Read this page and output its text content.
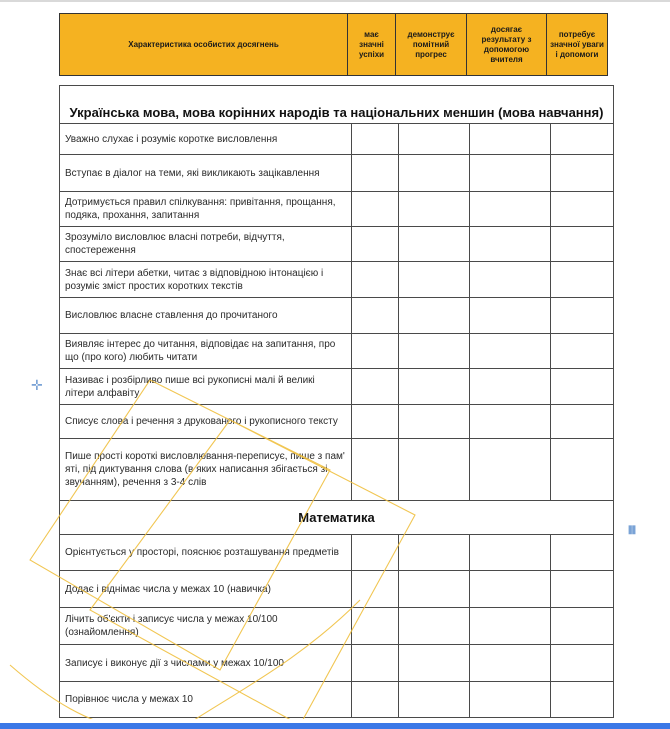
Характеристика особистих досягнень	має значні успіхи	демонструє помітний прогрес	досягає результату з допомогою вчителя	потребує значної уваги і допомоги
Українська мова, мова корінних народів та національних меншин (мова навчання)				
Уважно слухає і розуміє коротке висловлення				
Вступає в діалог на теми, які викликають зацікавлення				
Дотримується правил спілкування: привітання, прощання, подяка, прохання, запитання				
Зрозуміло висловлює власні потреби, відчуття, спостереження				
Знає всі літери абетки, читає з відповідною інтонацією і розуміє зміст простих коротких текстів				
Висловлює власне ставлення до прочитаного				
Виявляє інтерес до читання, відповідає на запитання, про що (про кого) любить читати				
Називає і розбірливо пише всі рукописні малі й великі літери алфавіту				
Списує слова і речення з друкованого і рукописного тексту				
Пише прості короткі висловлювання-переписує, пише з пам' яті, під диктування слова (в яких написання збігається зі звучанням), речення з 3-4 слів				
Математика				
Орієнтується у просторі, пояснює розташування предметів				
Додає і віднімає числа у межах 10 (навичка)				
Лічить об'єкти і записує числа у межах 10/100 (ознайомлення)				
Записує і виконує дії з числами у межах 10/100				
Порівнює числа у межах 10				
✛
⏸
